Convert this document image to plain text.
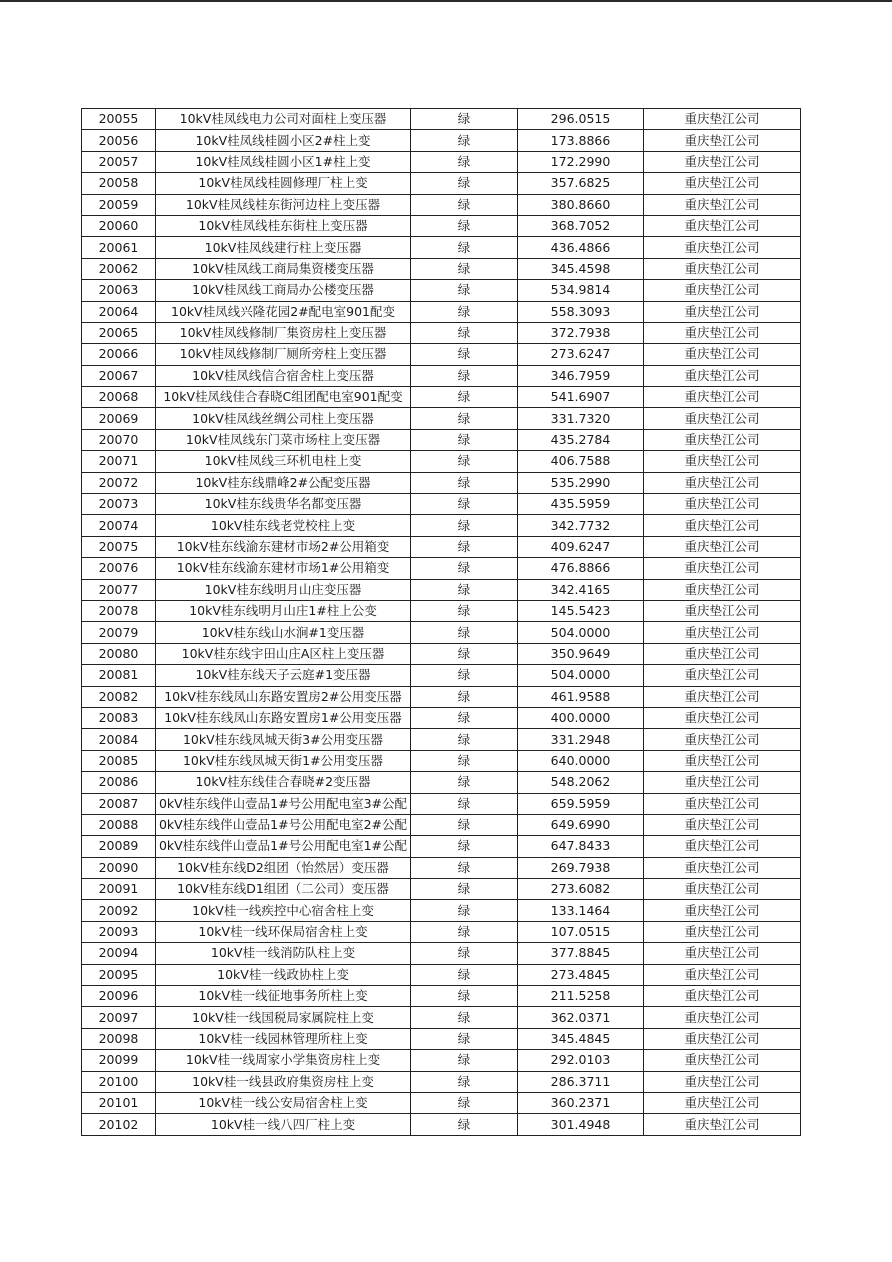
20055	10kV桂凤线电力公司对面柱上变压器	绿	296.0515	重庆垫江公司
20056	10kV桂凤线桂圆小区2#柱上变	绿	173.8866	重庆垫江公司
20057	10kV桂凤线桂圆小区1#柱上变	绿	172.2990	重庆垫江公司
20058	10kV桂凤线桂圆修理厂柱上变	绿	357.6825	重庆垫江公司
20059	10kV桂凤线桂东街河边柱上变压器	绿	380.8660	重庆垫江公司
20060	10kV桂凤线桂东街柱上变压器	绿	368.7052	重庆垫江公司
20061	10kV桂凤线建行柱上变压器	绿	436.4866	重庆垫江公司
20062	10kV桂凤线工商局集资楼变压器	绿	345.4598	重庆垫江公司
20063	10kV桂凤线工商局办公楼变压器	绿	534.9814	重庆垫江公司
20064	10kV桂凤线兴隆花园2#配电室901配变	绿	558.3093	重庆垫江公司
20065	10kV桂凤线修制厂集资房柱上变压器	绿	372.7938	重庆垫江公司
20066	10kV桂凤线修制厂厕所旁柱上变压器	绿	273.6247	重庆垫江公司
20067	10kV桂凤线信合宿舍柱上变压器	绿	346.7959	重庆垫江公司
20068	10kV桂凤线佳合春晓C组团配电室901配变	绿	541.6907	重庆垫江公司
20069	10kV桂凤线丝绸公司柱上变压器	绿	331.7320	重庆垫江公司
20070	10kV桂凤线东门菜市场柱上变压器	绿	435.2784	重庆垫江公司
20071	10kV桂凤线三环机电柱上变	绿	406.7588	重庆垫江公司
20072	10kV桂东线鼎峰2#公配变压器	绿	535.2990	重庆垫江公司
20073	10kV桂东线贵华名都变压器	绿	435.5959	重庆垫江公司
20074	10kV桂东线老党校柱上变	绿	342.7732	重庆垫江公司
20075	10kV桂东线渝东建材市场2#公用箱变	绿	409.6247	重庆垫江公司
20076	10kV桂东线渝东建材市场1#公用箱变	绿	476.8866	重庆垫江公司
20077	10kV桂东线明月山庄变压器	绿	342.4165	重庆垫江公司
20078	10kV桂东线明月山庄1#柱上公变	绿	145.5423	重庆垫江公司
20079	10kV桂东线山水涧#1变压器	绿	504.0000	重庆垫江公司
20080	10kV桂东线宇田山庄A区柱上变压器	绿	350.9649	重庆垫江公司
20081	10kV桂东线天子云庭#1变压器	绿	504.0000	重庆垫江公司
20082	10kV桂东线凤山东路安置房2#公用变压器	绿	461.9588	重庆垫江公司
20083	10kV桂东线凤山东路安置房1#公用变压器	绿	400.0000	重庆垫江公司
20084	10kV桂东线凤城天街3#公用变压器	绿	331.2948	重庆垫江公司
20085	10kV桂东线凤城天街1#公用变压器	绿	640.0000	重庆垫江公司
20086	10kV桂东线佳合春晓#2变压器	绿	548.2062	重庆垫江公司
20087	0kV桂东线伴山壹品1#号公用配电室3#公配	绿	659.5959	重庆垫江公司
20088	0kV桂东线伴山壹品1#号公用配电室2#公配	绿	649.6990	重庆垫江公司
20089	0kV桂东线伴山壹品1#号公用配电室1#公配	绿	647.8433	重庆垫江公司
20090	10kV桂东线D2组团（怡然居）变压器	绿	269.7938	重庆垫江公司
20091	10kV桂东线D1组团（二公司）变压器	绿	273.6082	重庆垫江公司
20092	10kV桂一线疾控中心宿舍柱上变	绿	133.1464	重庆垫江公司
20093	10kV桂一线环保局宿舍柱上变	绿	107.0515	重庆垫江公司
20094	10kV桂一线消防队柱上变	绿	377.8845	重庆垫江公司
20095	10kV桂一线政协柱上变	绿	273.4845	重庆垫江公司
20096	10kV桂一线征地事务所柱上变	绿	211.5258	重庆垫江公司
20097	10kV桂一线国税局家属院柱上变	绿	362.0371	重庆垫江公司
20098	10kV桂一线园林管理所柱上变	绿	345.4845	重庆垫江公司
20099	10kV桂一线周家小学集资房柱上变	绿	292.0103	重庆垫江公司
20100	10kV桂一线县政府集资房柱上变	绿	286.3711	重庆垫江公司
20101	10kV桂一线公安局宿舍柱上变	绿	360.2371	重庆垫江公司
20102	10kV桂一线八四厂柱上变	绿	301.4948	重庆垫江公司
